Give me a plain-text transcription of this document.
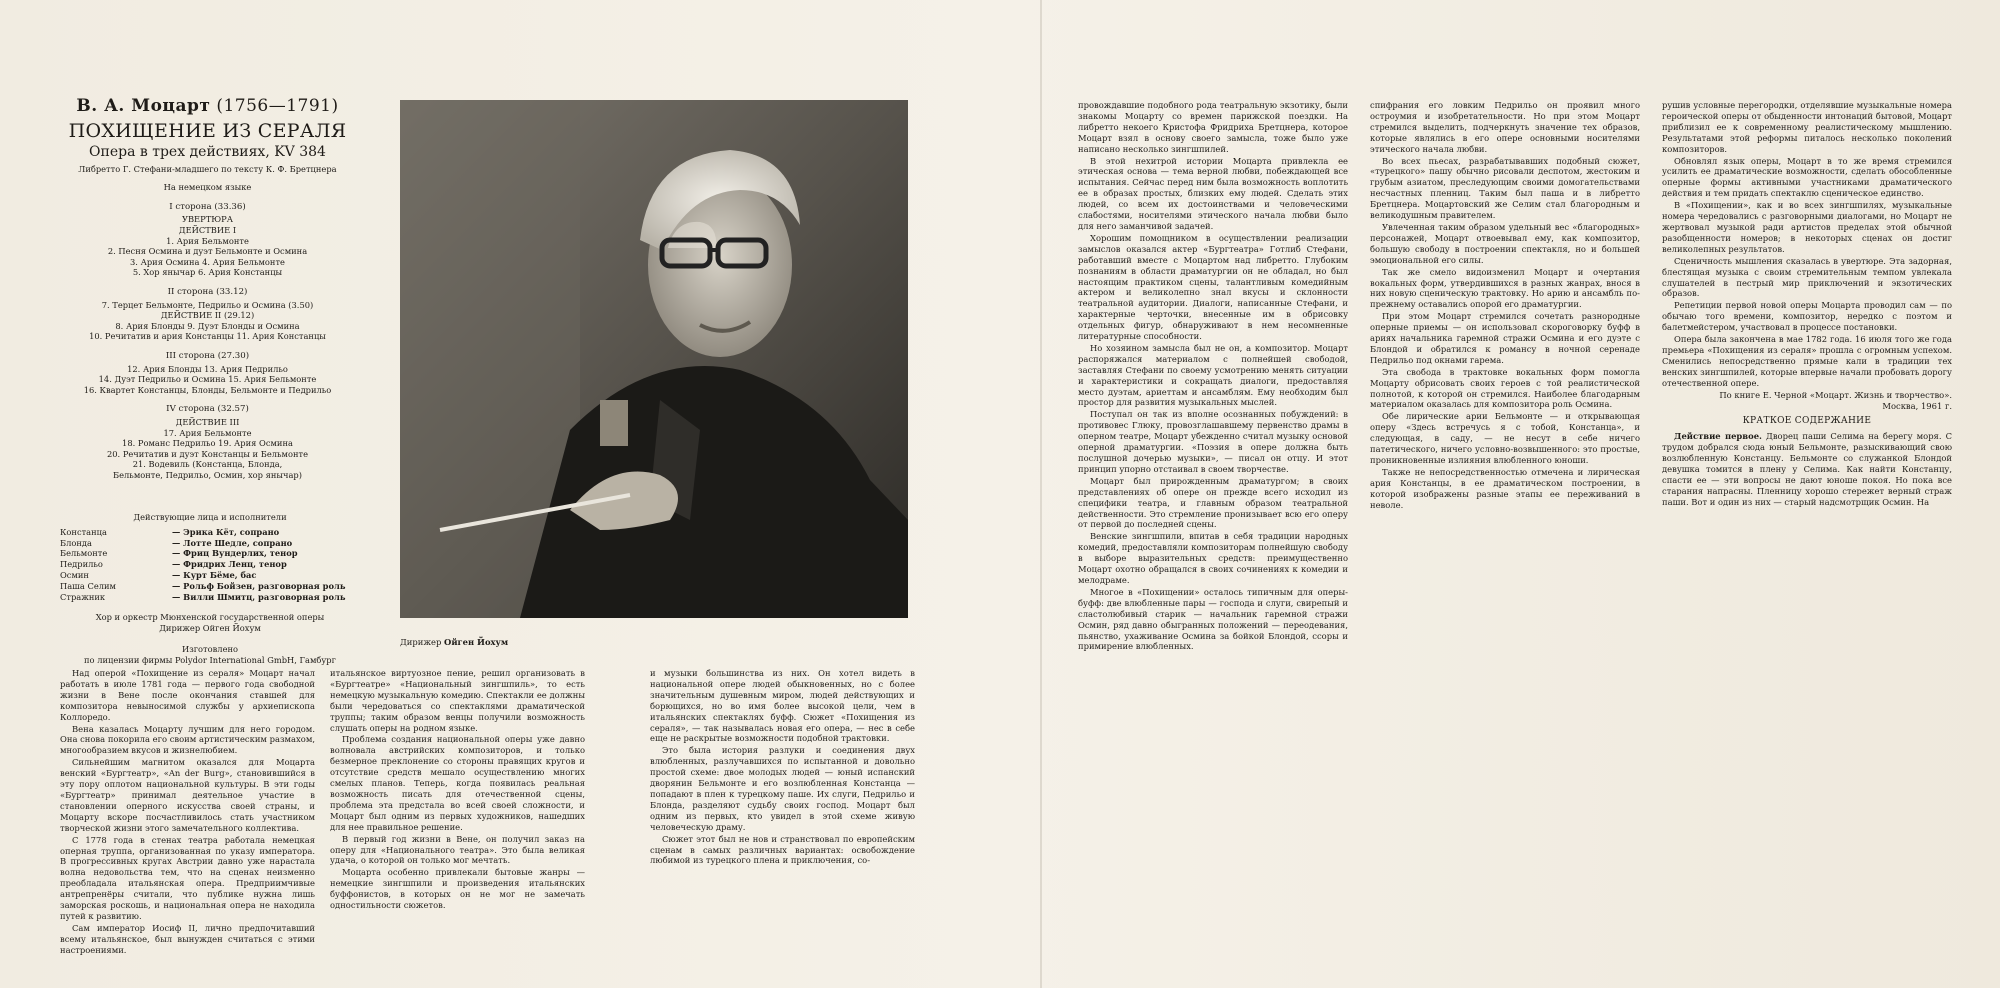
В. А. Моцарт (1756—1791)

ПОХИЩЕНИЕ ИЗ СЕРАЛЯ

Опера в трех действиях, KV 384

Либретто Г. Стефани-младшего по тексту К. Ф. Бретцнера

На немецком языке

I сторона (33.36)

УВЕРТЮРА
ДЕЙСТВИЕ I
1. Ария Бельмонте
2. Песня Осмина и дуэт Бельмонте и Осмина
3. Ария Осмина 4. Ария Бельмонте
5. Хор янычар 6. Ария Констанцы

II сторона (33.12)

7. Терцет Бельмонте, Педрильо и Осмина (3.50)
ДЕЙСТВИЕ II (29.12)
8. Ария Блонды 9. Дуэт Блонды и Осмина
10. Речитатив и ария Констанцы 11. Ария Констанцы

III сторона (27.30)

12. Ария Блонды 13. Ария Педрильо
14. Дуэт Педрильо и Осмина 15. Ария Бельмонте
16. Квартет Констанцы, Блонды, Бельмонте и Педрильо

IV сторона (32.57)

ДЕЙСТВИЕ III
17. Ария Бельмонте
18. Романс Педрильо 19. Ария Осмина
20. Речитатив и дуэт Констанцы и Бельмонте
21. Водевиль (Констанца, Блонда,
Бельмонте, Педрильо, Осмин, хор янычар)
Действующие лица и исполнители
Констанца	— Эрика Кёт, сопрано
Блонда	— Лотте Шедле, сопрано
Бельмонте	— Фриц Вундерлих, тенор
Педрильо	— Фридрих Ленц, тенор
Осмин	— Курт Бёме, бас
Паша Селим	— Рольф Бойзен, разговорная роль
Стражник	— Вилли Шмитц, разговорная роль
Хор и оркестр Мюнхенской государственной оперы
Дирижер Ойген Йохум
Изготовлено
по лицензии фирмы Polydor International GmbH, Гамбург
Дирижер Ойген Йохум

Над оперой «Похищение из сераля» Моцарт начал работать в июле 1781 года — первого года свободной жизни в Вене после окончания ставшей для композитора невыносимой службы у архиепископа Коллоредо.

Вена казалась Моцарту лучшим для него городом. Она снова покорила его своим артистическим размахом, многообразием вкусов и жизнелюбием.

Сильнейшим магнитом оказался для Моцарта венский «Бургтеатр», «An der Burg», становившийся в эту пору оплотом национальной культуры. В эти годы «Бургтеатр» принимал деятельное участие в становлении оперного искусства своей страны, и Моцарту вскоре посчастливилось стать участником творческой жизни этого замечательного коллектива.

С 1778 года в стенах театра работала немецкая оперная труппа, организованная по указу императора. В прогрессивных кругах Австрии давно уже нарастала волна недовольства тем, что на сценах неизменно преобладала итальянская опера. Предприимчивые антрепренёры считали, что публике нужна лишь заморская роскошь, и национальная опера не находила путей к развитию.

Сам император Иосиф II, лично предпочитавший всему итальянское, был вынужден считаться с этими настроениями.

итальянское виртуозное пение, решил организовать в «Бургтеатре» «Национальный зингшпиль», то есть немецкую музыкальную комедию. Спектакли ее должны были чередоваться со спектаклями драматической труппы; таким образом венцы получили возможность слушать оперы на родном языке.

Проблема создания национальной оперы уже давно волновала австрийских композиторов, и только безмерное преклонение со стороны правящих кругов и отсутствие средств мешало осуществлению многих смелых планов. Теперь, когда появилась реальная возможность писать для отечественной сцены, проблема эта предстала во всей своей сложности, и Моцарт был одним из первых художников, нашедших для нее правильное решение.

В первый год жизни в Вене, он получил заказ на оперу для «Национального театра». Это была великая удача, о которой он только мог мечтать.

Моцарта особенно привлекали бытовые жанры — немецкие зингшпили и произведения итальянских буффонистов, в которых он не мог не замечать одностильности сюжетов.

и музыки большинства из них. Он хотел видеть в национальной опере людей обыкновенных, но с более значительным душевным миром, людей действующих и борющихся, но во имя более высокой цели, чем в итальянских спектаклях буфф. Сюжет «Похищения из сераля», — так называлась новая его опера, — нес в себе еще не раскрытые возможности подобной трактовки.

Это была история разлуки и соединения двух влюбленных, разлучавшихся по испытанной и довольно простой схеме: двое молодых людей — юный испанский дворянин Бельмонте и его возлюбленная Констанца — попадают в плен к турецкому паше. Их слуги, Педрильо и Блонда, разделяют судьбу своих господ. Моцарт был одним из первых, кто увидел в этой схеме живую человеческую драму.

Сюжет этот был не нов и странствовал по европейским сценам в самых различных вариантах: освобождение любимой из турецкого плена и приключения, со-

провождавшие подобного рода театральную экзотику, были знакомы Моцарту со времен парижской поездки. На либретто некоего Кристофа Фридриха Бретцнера, которое Моцарт взял в основу своего замысла, тоже было уже написано несколько зингшпилей.

В этой нехитрой истории Моцарта привлекла ее этическая основа — тема верной любви, побеждающей все испытания. Сейчас перед ним была возможность воплотить ее в образах простых, близких ему людей. Сделать этих людей, со всем их достоинствами и человеческими слабостями, носителями этического начала любви было для него заманчивой задачей.

Хорошим помощником в осуществлении реализации замыслов оказался актер «Бургтеатра» Готлиб Стефани, работавший вместе с Моцартом над либретто. Глубоким познаниям в области драматургии он не обладал, но был настоящим практиком сцены, талантливым комедийным актером и великолепно знал вкусы и склонности театральной аудитории. Диалоги, написанные Стефани, и характерные черточки, внесенные им в обрисовку отдельных фигур, обнаруживают в нем несомненные литературные способности.

Но хозяином замысла был не он, а композитор. Моцарт распоряжался материалом с полнейшей свободой, заставляя Стефани по своему усмотрению менять ситуации и характеристики и сокращать диалоги, предоставляя место дуэтам, ариеттам и ансамблям. Ему необходим был простор для развития музыкальных мыслей.

Поступал он так из вполне осознанных побуждений: в противовес Глюку, провозглашавшему первенство драмы в оперном театре, Моцарт убежденно считал музыку основой оперной драматургии. «Поэзия в опере должна быть послушной дочерью музыки», — писал он отцу. И этот принцип упорно отстаивал в своем творчестве.

Моцарт был прирожденным драматургом; в своих представлениях об опере он прежде всего исходил из специфики театра, и главным образом театральной действенности. Это стремление пронизывает всю его оперу от первой до последней сцены.

Венские зингшпили, впитав в себя традиции народных комедий, предоставляли композиторам полнейшую свободу в выборе выразительных средств: преимущественно Моцарт охотно обращался в своих сочинениях к комедии и мелодраме.

Многое в «Похищении» осталось типичным для оперы-буфф: две влюбленные пары — господа и слуги, свирепый и сластолюбивый старик — начальник гаремной стражи Осмин, ряд давно обыгранных положений — переодевания, пьянство, ухаживание Осмина за бойкой Блондой, ссоры и примирение влюбленных.

спифрания его ловким Педрильо он проявил много остроумия и изобретательности. Но при этом Моцарт стремился выделить, подчеркнуть значение тех образов, которые являлись в его опере основными носителями этического начала любви.

Во всех пьесах, разрабатывавших подобный сюжет, «турецкого» пашу обычно рисовали деспотом, жестоким и грубым азиатом, преследующим своими домогательствами несчастных пленниц. Таким был паша и в либретто Бретцнера. Моцартовский же Селим стал благородным и великодушным правителем.

Увлеченная таким образом удельный вес «благородных» персонажей, Моцарт отвоевывал ему, как композитор, большую свободу в построении спектакля, но и большей эмоциональной его силы.

Так же смело видоизменил Моцарт и очертания вокальных форм, утвердившихся в разных жанрах, внося в них новую сценическую трактовку. Но арию и ансамбль по-прежнему оставались опорой его драматургии.

При этом Моцарт стремился сочетать разнородные оперные приемы — он использовал скороговорку буфф в ариях начальника гаремной стражи Осмина и его дуэте с Блондой и обратился к романсу в ночной серенаде Педрильо под окнами гарема.

Эта свобода в трактовке вокальных форм помогла Моцарту обрисовать своих героев с той реалистической полнотой, к которой он стремился. Наиболее благодарным материалом оказалась для композитора роль Осмина.

Обе лирические арии Бельмонте — и открывающая оперу «Здесь встречусь я с тобой, Констанца», и следующая, в саду, — не несут в себе ничего патетического, ничего условно-возвышенного: это простые, проникновенные излияния влюбленного юноши.

Также не непосредственностью отмечена и лирическая ария Констанцы, в ее драматическом построении, в которой изображены разные этапы ее переживаний в неволе.

рушив условные перегородки, отделявшие музыкальные номера героической оперы от обыденности интонаций бытовой, Моцарт приблизил ее к современному реалистическому мышлению. Результатами этой реформы питалось несколько поколений композиторов.

Обновлял язык оперы, Моцарт в то же время стремился усилить ее драматические возможности, сделать обособленные оперные формы активными участниками драматического действия и тем придать спектаклю сценическое единство.

В «Похищении», как и во всех зингшпилях, музыкальные номера чередовались с разговорными диалогами, но Моцарт не жертвовал музыкой ради артистов пределах этой обычной разобщенности номеров; в некоторых сценах он достиг великолепных результатов.

Сценичность мышления сказалась в увертюре. Эта задорная, блестящая музыка с своим стремительным темпом увлекала слушателей в пестрый мир приключений и экзотических образов.

Репетиции первой новой оперы Моцарта проводил сам — по обычаю того времени, композитор, нередко с поэтом и балетмейстером, участвовал в процессе постановки.

Опера была закончена в мае 1782 года. 16 июля того же года премьера «Похищения из сераля» прошла с огромным успехом. Сменились непосредственно прямые кали в традиции тех венских зингшпилей, которые впервые начали пробовать дорогу отечественной опере.

По книге Е. Черной «Моцарт. Жизнь и творчество».

Москва, 1961 г.

КРАТКОЕ СОДЕРЖАНИЕ

Действие первое. Дворец паши Селима на берегу моря. С трудом добрался сюда юный Бельмонте, разыскивающий свою возлюбленную Констанцу. Бельмонте со служанкой Блондой девушка томится в плену у Селима. Как найти Констанцу, спасти ее — эти вопросы не дают юноше покоя. Но пока все старания напрасны. Пленницу хорошо стережет верный страж паши. Вот и один из них — старый надсмотрщик Осмин. На
